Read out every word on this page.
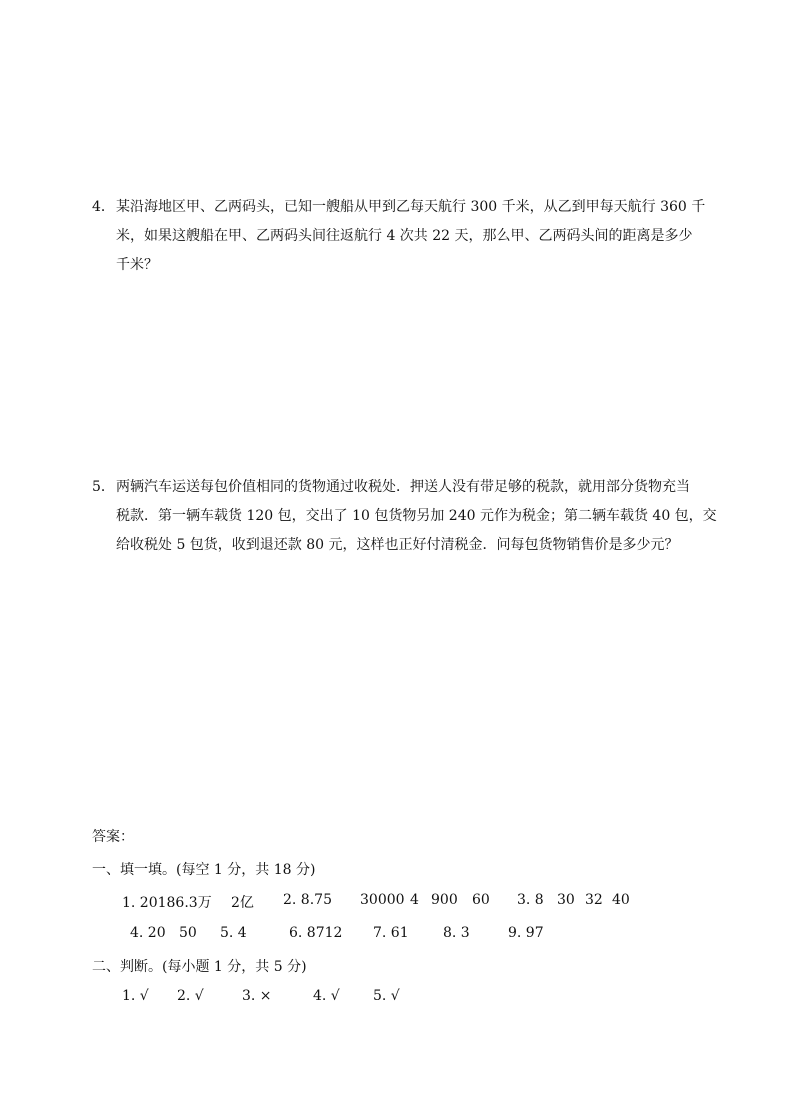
4． 某沿海地区甲、乙两码头，已知一艘船从甲到乙每天航行 300 千米，从乙到甲每天航行 360 千
米，如果这艘船在甲、乙两码头间往返航行 4 次共 22 天，那么甲、乙两码头间的距离是多少
千米？
5． 两辆汽车运送每包价值相同的货物通过收税处．押送人没有带足够的税款，就用部分货物充当
税款．第一辆车载货 120 包，交出了 10 包货物另加 240 元作为税金；第二辆车载货 40 包，交
给收税处 5 包货，收到退还款 80 元，这样也正好付清税金．问每包货物销售价是多少元？
答案：
一、填一填。(每空 1 分，共 18 分)
1. 20186.3万 2亿 2. 8.75 30000 4 900 60 3. 8 30 32 40
4. 20 50 5. 4	6. 8712 7. 61 8. 3	9. 97
二、判断。(每小题 1 分，共 5 分)
1. √ 2. √	3. ×	4. √ 5. √
